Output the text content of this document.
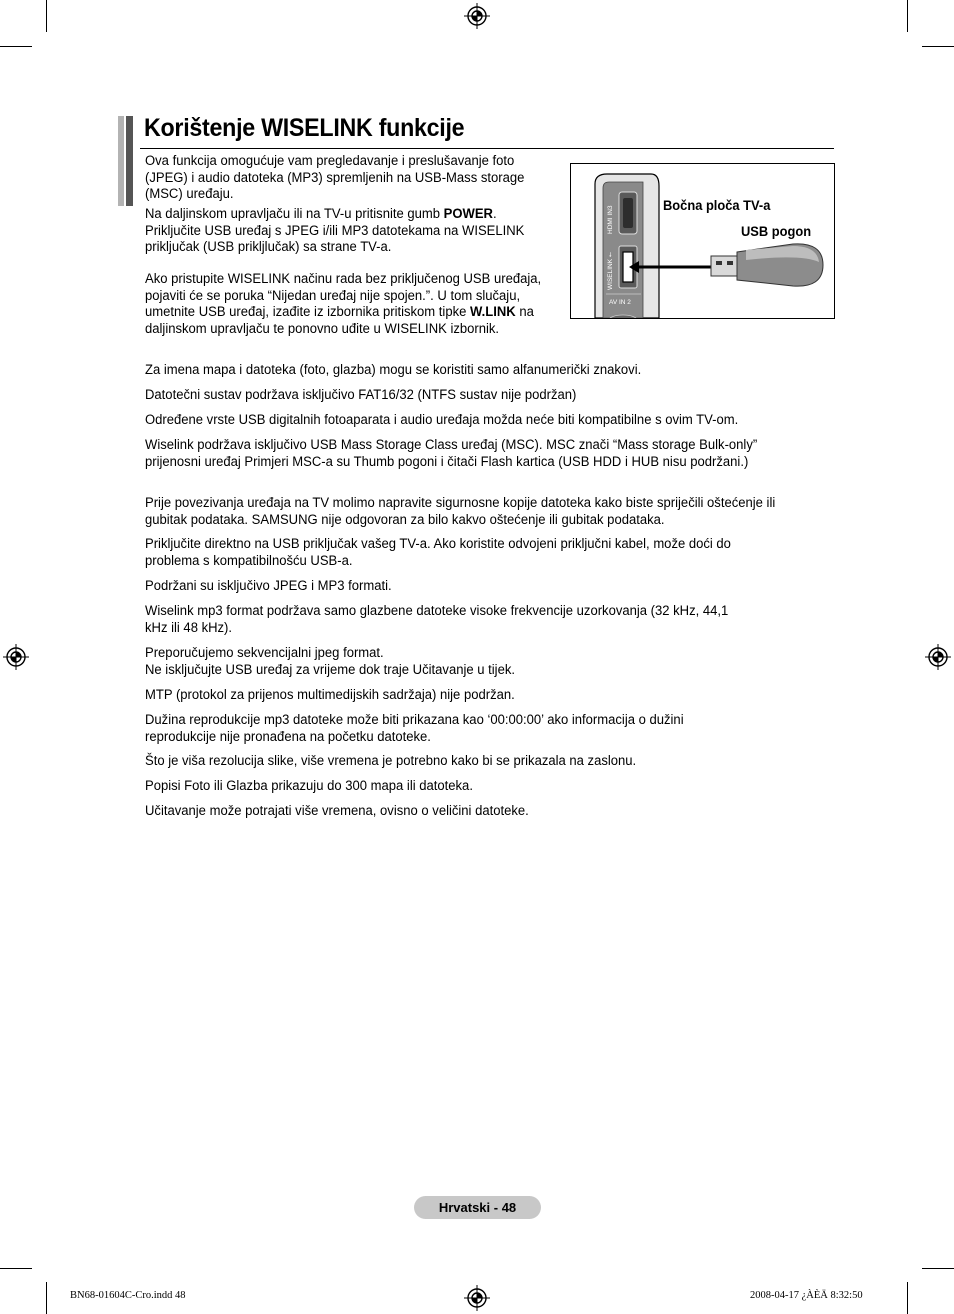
Korištenje WISELINK funkcije
Ova funkcija omogućuje vam pregledavanje i preslušavanje foto (JPEG) i audio datoteka (MP3) spremljenih na USB-Mass storage (MSC) uređaju.
Na daljinskom upravljaču ili na TV-u pritisnite gumb POWER. Priključite USB uređaj s JPEG i/ili MP3 datotekama na WISELINK priključak (USB prikljlučak) sa strane TV-a.
Ako pristupite WISELINK načinu rada bez priključenog USB uređaja, pojaviti će se poruka “Nijedan uređaj nije spojen.”. U tom slučaju, umetnite USB uređaj, izađite iz izbornika pritiskom tipke W.LINK na daljinskom upravljaču te ponovno uđite u WISELINK izbornik.
HDMI IN3
WISELINK ⭠
AV IN 2
Bočna ploča TV-a
USB pogon
Za imena mapa i datoteka (foto, glazba) mogu se koristiti samo alfanumerički znakovi.
Datotečni sustav podržava isključivo FAT16/32 (NTFS sustav nije podržan)
Određene vrste USB digitalnih fotoaparata i audio uređaja možda neće biti kompatibilne s ovim TV-om.
Wiselink podržava isključivo USB Mass Storage Class uređaj (MSC). MSC znači “Mass storage Bulk-only” prijenosni uređaj Primjeri MSC-a su Thumb pogoni i čitači Flash kartica (USB HDD i HUB nisu podržani.)
Prije povezivanja uređaja na TV molimo napravite sigurnosne kopije datoteka kako biste spriječili oštećenje ili gubitak podataka. SAMSUNG nije odgovoran za bilo kakvo oštećenje ili gubitak podataka.
Priključite direktno na USB priključak vašeg TV-a. Ako koristite odvojeni priključni kabel, može doći do problema s kompatibilnošću USB-a.
Podržani su isključivo JPEG i MP3 formati.
Wiselink mp3 format podržava samo glazbene datoteke visoke frekvencije uzorkovanja (32 kHz, 44,1 kHz ili 48 kHz).
Preporučujemo sekvencijalni jpeg format.
Ne isključujte USB uređaj za vrijeme dok traje Učitavanje u tijek.
MTP (protokol za prijenos multimedijskih sadržaja) nije podržan.
Dužina reprodukcije mp3 datoteke može biti prikazana kao ‘00:00:00’ ako informacija o dužini reprodukcije nije pronađena na početku datoteke.
Što je viša rezolucija slike, više vremena je potrebno kako bi se prikazala na zaslonu.
Popisi Foto ili Glazba prikazuju do 300 mapa ili datoteka.
Učitavanje može potrajati više vremena, ovisno o veličini datoteke.
Hrvatski - 48
BN68-01604C-Cro.indd 48	2008-04-17 ¿ÀÈÄ 8:32:50
